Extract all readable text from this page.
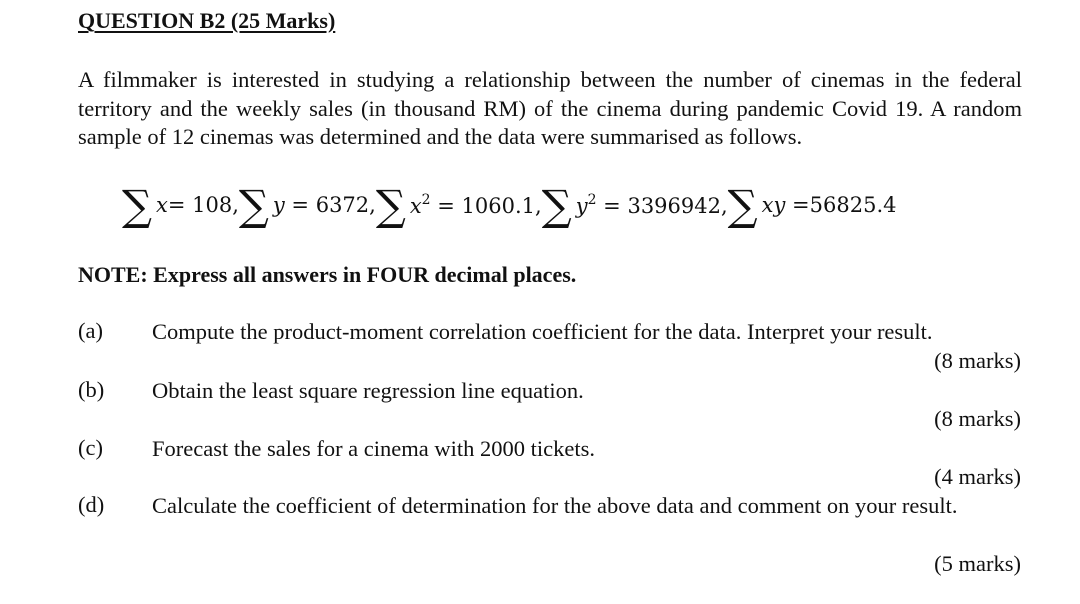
QUESTION B2 (25 Marks)
A filmmaker is interested in studying a relationship between the number of cinemas in the federal territory and the weekly sales (in thousand RM) of the cinema during pandemic Covid 19. A random sample of 12 cinemas was determined and the data were summarised as follows.
∑ x= 108, ∑ y = 6372, ∑ $x^2 = 1060.1$, ∑ $y^2 = 3396942$, ∑ xy =56825.4
NOTE: Express all answers in FOUR decimal places.
(a) Compute the product-moment correlation coefficient for the data. Interpret your result.
(8 marks)
(b) Obtain the least square regression line equation.
(8 marks)
(c) Forecast the sales for a cinema with 2000 tickets.
(4 marks)
(d) Calculate the coefficient of determination for the above data and comment on your result.
(5 marks)
